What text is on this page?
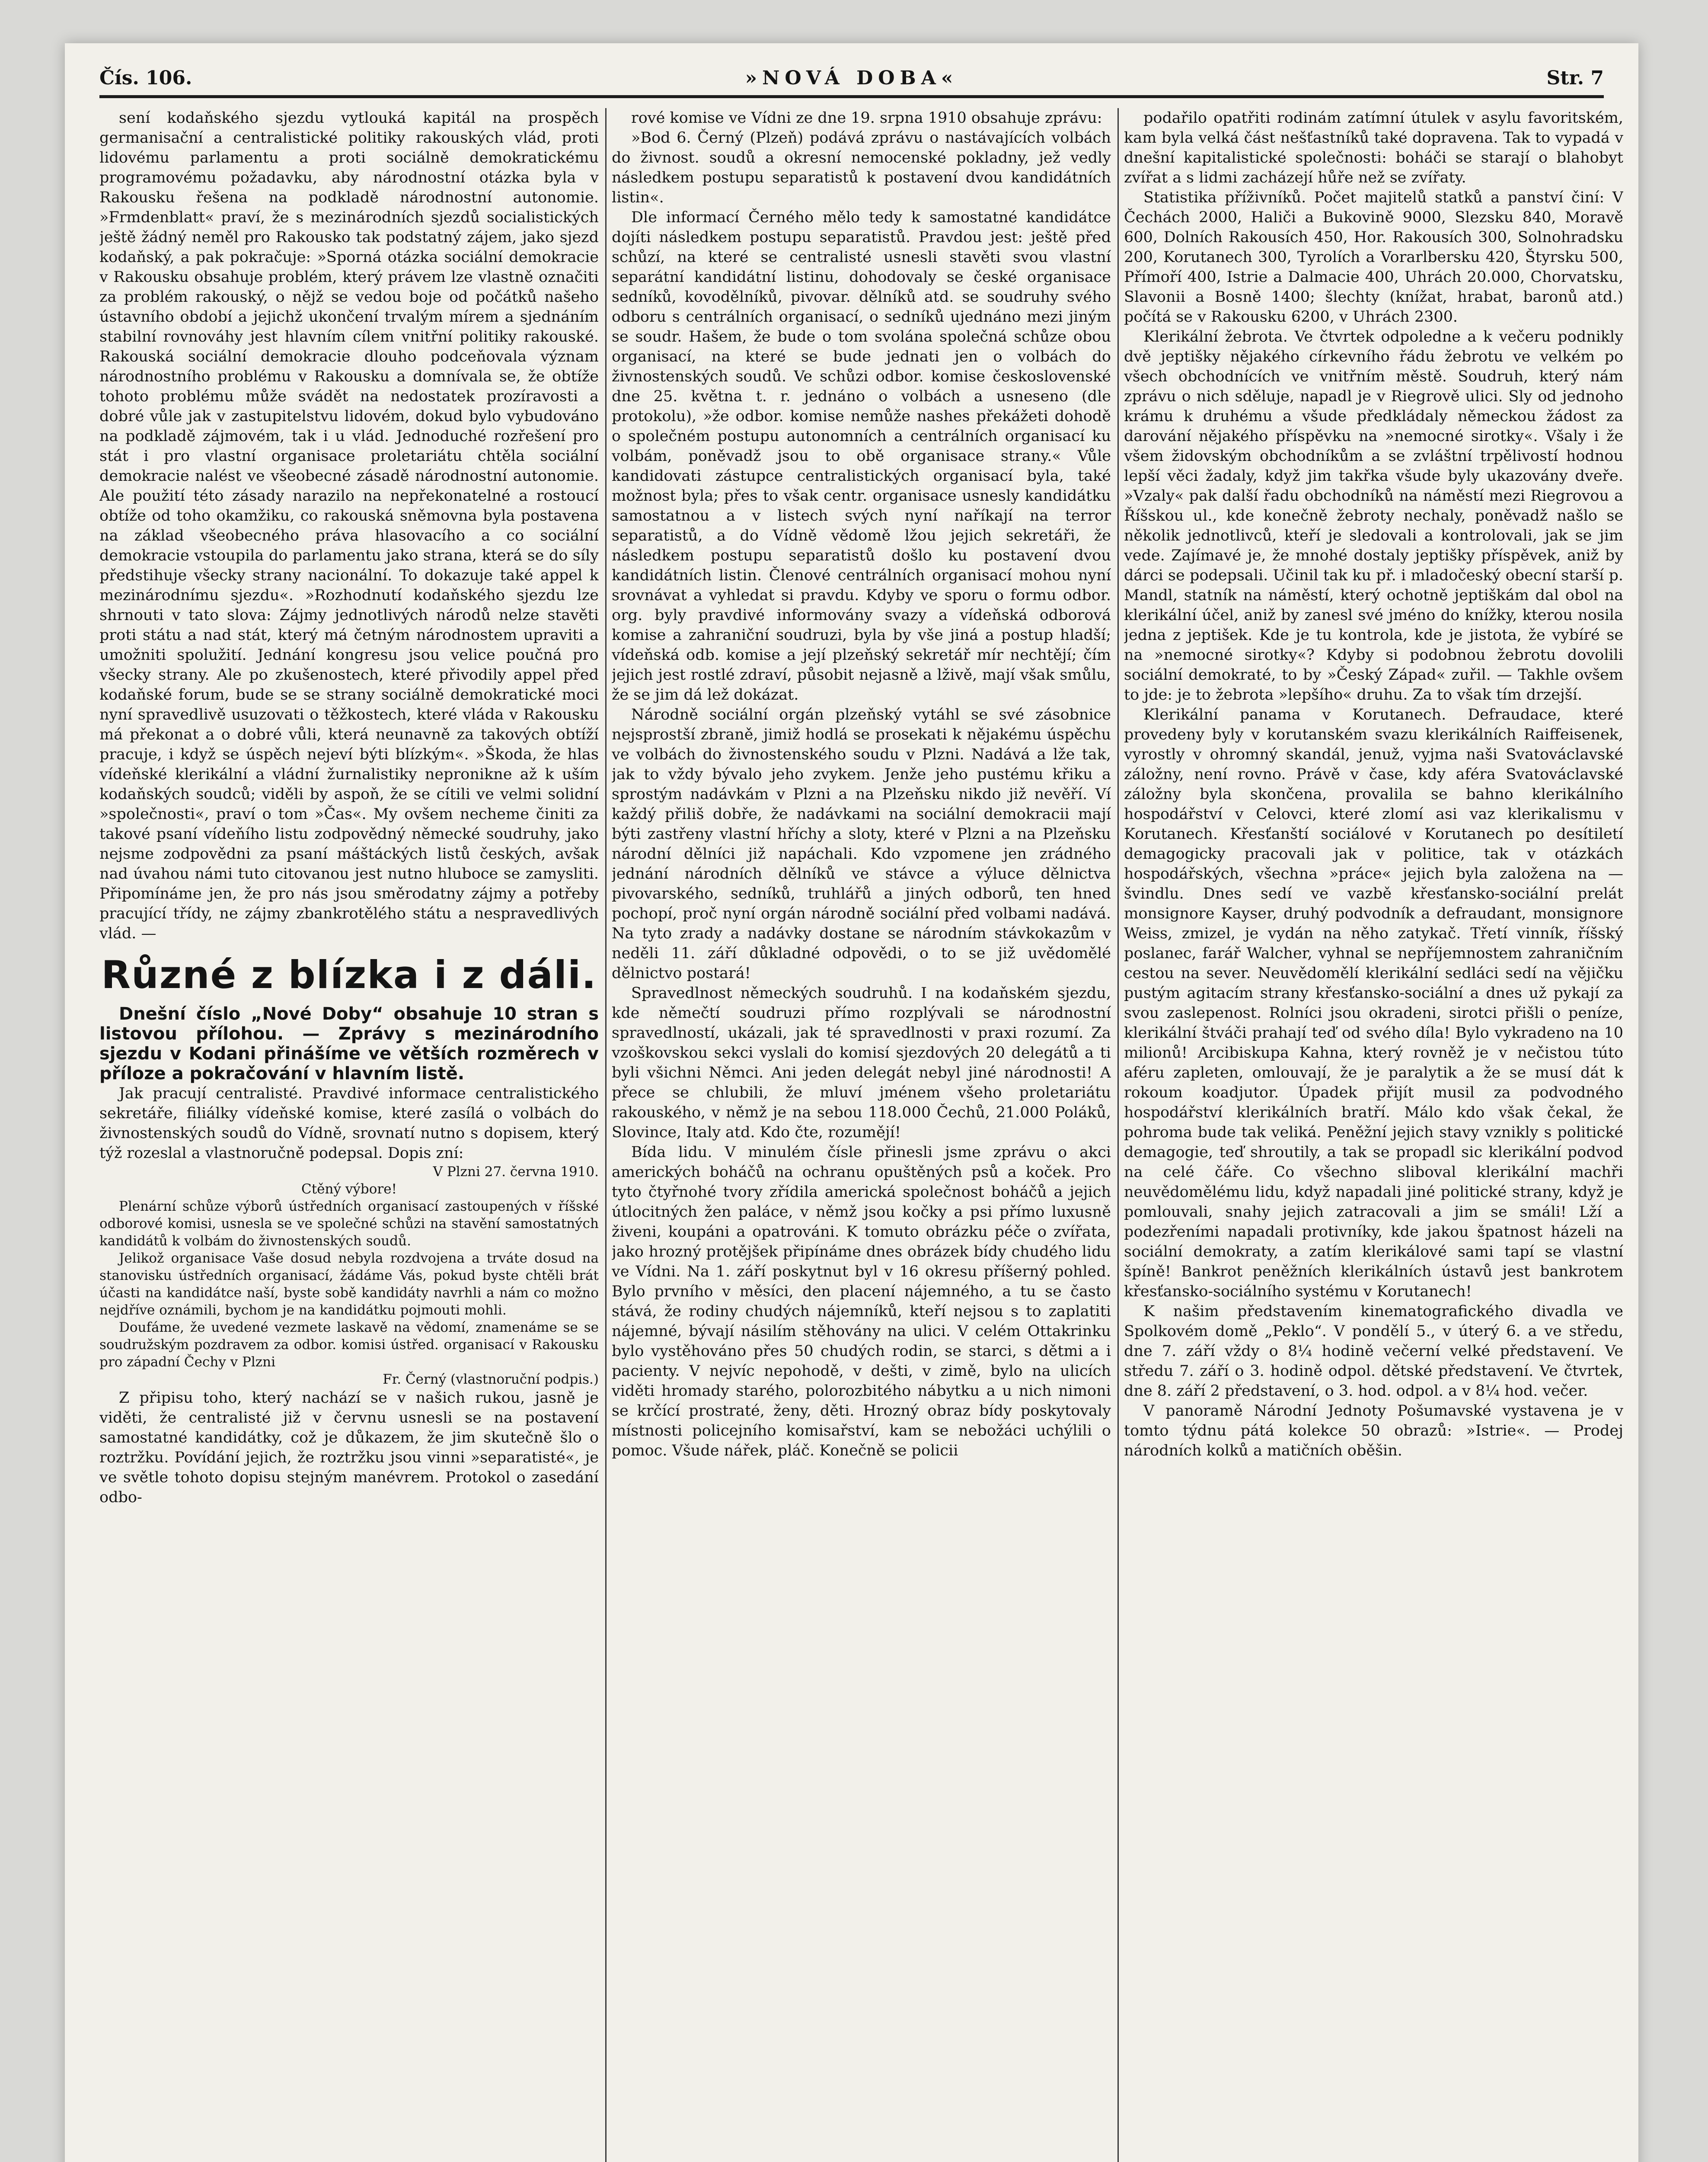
Čís. 106.	»NOVÁ DOBA«	Str. 7

sení kodaňského sjezdu vytlouká kapitál na prospěch germanisační a centralistické politiky rakouských vlád, proti lidovému parlamentu a proti sociálně demokratickému programovému požadavku, aby národnostní otázka byla v Rakousku řešena na podkladě národnostní autonomie. »Frmdenblatt« praví, že s mezinárodních sjezdů socialistických ještě žádný neměl pro Rakousko tak podstatný zájem, jako sjezd kodaňský, a pak pokračuje: »Sporná otázka sociální demokracie v Rakousku obsahuje problém, který právem lze vlastně označiti za problém rakouský, o nějž se vedou boje od počátků našeho ústavního období a jejichž ukončení trvalým mírem a sjednáním stabilní rovnováhy jest hlavním cílem vnitřní politiky rakouské. Rakouská sociální demokracie dlouho podceňovala význam národnostního problému v Rakousku a domnívala se, že obtíže tohoto problému může svádět na nedostatek prozíravosti a dobré vůle jak v zastupitelstvu lidovém, dokud bylo vybudováno na podkladě zájmovém, tak i u vlád. Jednoduché rozřešení pro stát i pro vlastní organisace proletariátu chtěla sociální demokracie nalést ve všeobecné zásadě národnostní autonomie. Ale použití této zásady narazilo na nepřekonatelné a rostoucí obtíže od toho okamžiku, co rakouská sněmovna byla postavena na základ všeobecného práva hlasovacího a co sociální demokracie vstoupila do parlamentu jako strana, která se do síly předstihuje všecky strany nacionální. To dokazuje také appel k mezinárodnímu sjezdu«. »Rozhodnutí kodaňského sjezdu lze shrnouti v tato slova: Zájmy jednotlivých národů nelze stavěti proti státu a nad stát, který má četným národnostem upraviti a umožniti spolužití. Jednání kongresu jsou velice poučná pro všecky strany. Ale po zkušenostech, které přivodily appel před kodaňské forum, bude se se strany sociálně demokratické moci nyní spravedlivě usuzovati o těžkostech, které vláda v Rakousku má překonat a o dobré vůli, která neunavně za takových obtíží pracuje, i když se úspěch nejeví býti blízkým«. »Škoda, že hlas vídeňské klerikální a vládní žurnalistiky nepronikne až k uším kodaňských soudců; viděli by aspoň, že se cítili ve velmi solidní »společnosti«, praví o tom »Čas«. My ovšem necheme činiti za takové psaní vídeňího listu zodpovědný německé soudruhy, jako nejsme zodpovědni za psaní máštáckých listů českých, avšak nad úvahou námi tuto citovanou jest nutno hluboce se zamysliti. Připomínáme jen, že pro nás jsou směrodatny zájmy a potřeby pracující třídy, ne zájmy zbankrotělého státu a nespravedlivých vlád. —

Různé z blízka i z dáli.

Dnešní číslo „Nové Doby“ obsahuje 10 stran s listovou přílohou. — Zprávy s mezinárodního sjezdu v Kodani přinášíme ve větších rozměrech v příloze a pokračování v hlavním listě.

Jak pracují centralisté. Pravdivé informace centralistického sekretáře, filiálky vídeňské komise, které zasílá o volbách do živnostenských soudů do Vídně, srovnatí nutno s dopisem, který týž rozeslal a vlastnoručně podepsal. Dopis zní:

V Plzni 27. června 1910.

Ctěný výbore!

Plenární schůze výborů ústředních organisací zastoupených v říšské odborové komisi, usnesla se ve společné schůzi na stavění samostatných kandidátů k volbám do živnostenských soudů.

Jelikož organisace Vaše dosud nebyla rozdvojena a trváte dosud na stanovisku ústředních organisací, žádáme Vás, pokud byste chtěli brát účasti na kandidátce naší, byste sobě kandidáty navrhli a nám co možno nejdříve oznámili, bychom je na kandidátku pojmouti mohli.

Doufáme, že uvedené vezmete laskavě na vědomí, znamenáme se se soudružským pozdravem za odbor. komisi ústřed. organisací v Rakousku pro západní Čechy v Plzni

Fr. Černý (vlastnoruční podpis.)

Z připisu toho, který nachází se v našich rukou, jasně je viděti, že centralisté již v červnu usnesli se na postavení samostatné kandidátky, což je důkazem, že jim skutečně šlo o roztržku. Povídání jejich, že roztržku jsou vinni »separatisté«, je ve světle tohoto dopisu stejným manévrem. Protokol o zasedání odbo-

rové komise ve Vídni ze dne 19. srpna 1910 obsahuje zprávu:

»Bod 6. Černý (Plzeň) podává zprávu o nastávajících volbách do živnost. soudů a okresní nemocenské pokladny, jež vedly následkem postupu separatistů k postavení dvou kandidátních listin«.

Dle informací Černého mělo tedy k samostatné kandidátce dojíti následkem postupu separatistů. Pravdou jest: ještě před schůzí, na které se centralisté usnesli stavěti svou vlastní separátní kandidátní listinu, dohodovaly se české organisace sedníků, kovodělníků, pivovar. dělníků atd. se soudruhy svého odboru s centrálních organisací, o sedníků ujednáno mezi jiným se soudr. Hašem, že bude o tom svolána společná schůze obou organisací, na které se bude jednati jen o volbách do živnostenských soudů. Ve schůzi odbor. komise československé dne 25. května t. r. jednáno o volbách a usneseno (dle protokolu), »že odbor. komise nemůže nashes překážeti dohodě o společném postupu autonomních a centrálních organisací ku volbám, poněvadž jsou to obě organisace strany.« Vůle kandidovati zástupce centralistických organisací byla, také možnost byla; přes to však centr. organisace usnesly kandidátku samostatnou a v listech svých nyní naříkají na terror separatistů, a do Vídně vědomě lžou jejich sekretáři, že následkem postupu separatistů došlo ku postavení dvou kandidátních listin. Členové centrálních organisací mohou nyní srovnávat a vyhledat si pravdu. Kdyby ve sporu o formu odbor. org. byly pravdivé informovány svazy a vídeňská odborová komise a zahraniční soudruzi, byla by vše jiná a postup hladší; vídeňská odb. komise a její plzeňský sekretář mír nechtějí; čím jejich jest rostlé zdraví, působit nejasně a lživě, mají však smůlu, že se jim dá lež dokázat.

Národně sociální orgán plzeňský vytáhl se své zásobnice nejsprostší zbraně, jimiž hodlá se prosekati k nějakému úspěchu ve volbách do živnostenského soudu v Plzni. Nadává a lže tak, jak to vždy bývalo jeho zvykem. Jenže jeho pustému křiku a sprostým nadávkám v Plzni a na Plzeňsku nikdo již nevěří. Ví každý přiliš dobře, že nadávkami na sociální demokracii mají býti zastřeny vlastní hříchy a sloty, které v Plzni a na Plzeňsku národní dělníci již napáchali. Kdo vzpomene jen zrádného jednání národních dělníků ve stávce a výluce dělnictva pivovarského, sedníků, truhlářů a jiných odborů, ten hned pochopí, proč nyní orgán národně sociální před volbami nadává. Na tyto zrady a nadávky dostane se národním stávkokazům v neděli 11. září důkladné odpovědi, o to se již uvědomělé dělnictvo postará!

Spravedlnost německých soudruhů. I na kodaňském sjezdu, kde němečtí soudruzi přímo rozplývali se národnostní spravedlností, ukázali, jak té spravedlnosti v praxi rozumí. Za vzoškovskou sekci vyslali do komisí sjezdových 20 delegátů a ti byli všichni Němci. Ani jeden delegát nebyl jiné národnosti! A přece se chlubili, že mluví jménem všeho proletariátu rakouského, v němž je na sebou 118.000 Čechů, 21.000 Poláků, Slovince, Italy atd. Kdo čte, rozumějí!

Bída lidu. V minulém čísle přinesli jsme zprávu o akci amerických boháčů na ochranu opuštěných psů a koček. Pro tyto čtyřnohé tvory zřídila americká společnost boháčů a jejich útlocitných žen paláce, v němž jsou kočky a psi přímo luxusně živeni, koupáni a opatrováni. K tomuto obrázku péče o zvířata, jako hrozný protějšek připínáme dnes obrázek bídy chudého lidu ve Vídni. Na 1. září poskytnut byl v 16 okresu příšerný pohled. Bylo prvního v měsíci, den placení nájemného, a tu se často stává, že rodiny chudých nájemníků, kteří nejsou s to zaplatiti nájemné, bývají násilím stěhovány na ulici. V celém Ottakrinku bylo vystěhováno přes 50 chudých rodin, se starci, s dětmi a i pacienty. V nejvíc nepohodě, v dešti, v zimě, bylo na ulicích viděti hromady starého, polorozbitého nábytku a u nich nimoni se krčící prostraté, ženy, děti. Hrozný obraz bídy poskytovaly místnosti policejního komisařství, kam se nebožáci uchýlili o pomoc. Všude nářek, pláč. Konečně se policii

podařilo opatřiti rodinám zatímní útulek v asylu favoritském, kam byla velká část nešťastníků také dopravena. Tak to vypadá v dnešní kapitalistické společnosti: boháči se starají o blahobyt zvířat a s lidmi zacházejí hůře než se zvířaty.

Statistika příživníků. Počet majitelů statků a panství činí: V Čechách 2000, Haliči a Bukovině 9000, Slezsku 840, Moravě 600, Dolních Rakousích 450, Hor. Rakousích 300, Solnohradsku 200, Korutanech 300, Tyrolích a Vorarlbersku 420, Štyrsku 500, Přímoří 400, Istrie a Dalmacie 400, Uhrách 20.000, Chorvatsku, Slavonii a Bosně 1400; šlechty (knížat, hrabat, baronů atd.) počítá se v Rakousku 6200, v Uhrách 2300.

Klerikální žebrota. Ve čtvrtek odpoledne a k večeru podnikly dvě jeptišky nějakého církevního řádu žebrotu ve velkém po všech obchodnících ve vnitřním městě. Soudruh, který nám zprávu o nich sděluje, napadl je v Riegrově ulici. Sly od jednoho krámu k druhému a všude předkládaly německou žádost za darování nějakého příspěvku na »nemocné sirotky«. Všaly i že všem židovským obchodníkům a se zvláštní trpělivostí hodnou lepší věci žadaly, když jim takřka všude byly ukazovány dveře. »Vzaly« pak další řadu obchodníků na náměstí mezi Riegrovou a Říšskou ul., kde konečně žebroty nechaly, poněvadž našlo se několik jednotlivců, kteří je sledovali a kontrolovali, jak se jim vede. Zajímavé je, že mnohé dostaly jeptišky příspěvek, aniž by dárci se podepsali. Učinil tak ku př. i mladočeský obecní starší p. Mandl, statník na náměstí, který ochotně jeptiškám dal obol na klerikální účel, aniž by zanesl své jméno do knížky, kterou nosila jedna z jeptišek. Kde je tu kontrola, kde je jistota, že vybíré se na »nemocné sirotky«? Kdyby si podobnou žebrotu dovolili sociální demokraté, to by »Český Západ« zuřil. — Takhle ovšem to jde: je to žebrota »lepšího« druhu. Za to však tím drzejší.

Klerikální panama v Korutanech. Defraudace, které provedeny byly v korutanském svazu klerikálních Raiffeisenek, vyrostly v ohromný skandál, jenuž, vyjma naši Svatováclavské záložny, není rovno. Právě v čase, kdy aféra Svatováclavské záložny byla skončena, provalila se bahno klerikálního hospodářství v Celovci, které zlomí asi vaz klerikalismu v Korutanech. Křesťanští sociálové v Korutanech po desítiletí demagogicky pracovali jak v politice, tak v otázkách hospodářských, všechna »práce« jejich byla založena na — švindlu. Dnes sedí ve vazbě křesťansko-sociální prelát monsignore Kayser, druhý podvodník a defraudant, monsignore Weiss, zmizel, je vydán na něho zatykač. Třetí vinník, říšský poslanec, farář Walcher, vyhnal se nepříjemnostem zahraničním cestou na sever. Neuvědomělí klerikální sedláci sedí na vějičku pustým agitacím strany křesťansko-sociální a dnes už pykají za svou zaslepenost. Rolníci jsou okradeni, sirotci přišli o peníze, klerikální štváči prahají teď od svého díla! Bylo vykradeno na 10 milionů! Arcibiskupa Kahna, který rovněž je v nečistou túto aféru zapleten, omlouvají, že je paralytik a že se musí dát k rokoum koadjutor. Úpadek přijít musil za podvodného hospodářství klerikálních bratří. Málo kdo však čekal, že pohroma bude tak veliká. Peněžní jejich stavy vznikly s politické demagogie, teď shroutily, a tak se propadl sic klerikální podvod na celé čáře. Co všechno sliboval klerikální machři neuvědomělému lidu, když napadali jiné politické strany, když je pomlouvali, snahy jejich zatracovali a jim se smáli! Lží a podezřeními napadali protivníky, kde jakou špatnost házeli na sociální demokraty, a zatím klerikálové sami tapí se vlastní špíně! Bankrot peněžních klerikálních ústavů jest bankrotem křesťansko-sociálního systému v Korutanech!

K našim představením kinematografického divadla ve Spolkovém domě „Peklo“. V pondělí 5., v úterý 6. a ve středu, dne 7. září vždy o 8¼ hodině večerní velké představení. Ve středu 7. září o 3. hodině odpol. dětské představení. Ve čtvrtek, dne 8. září 2 představení, o 3. hod. odpol. a v 8¼ hod. večer.

V panoramě Národní Jednoty Pošumavské vystavena je v tomto týdnu pátá kolekce 50 obrazů: »Istrie«. — Prodej národních kolků a matičních oběšin.
